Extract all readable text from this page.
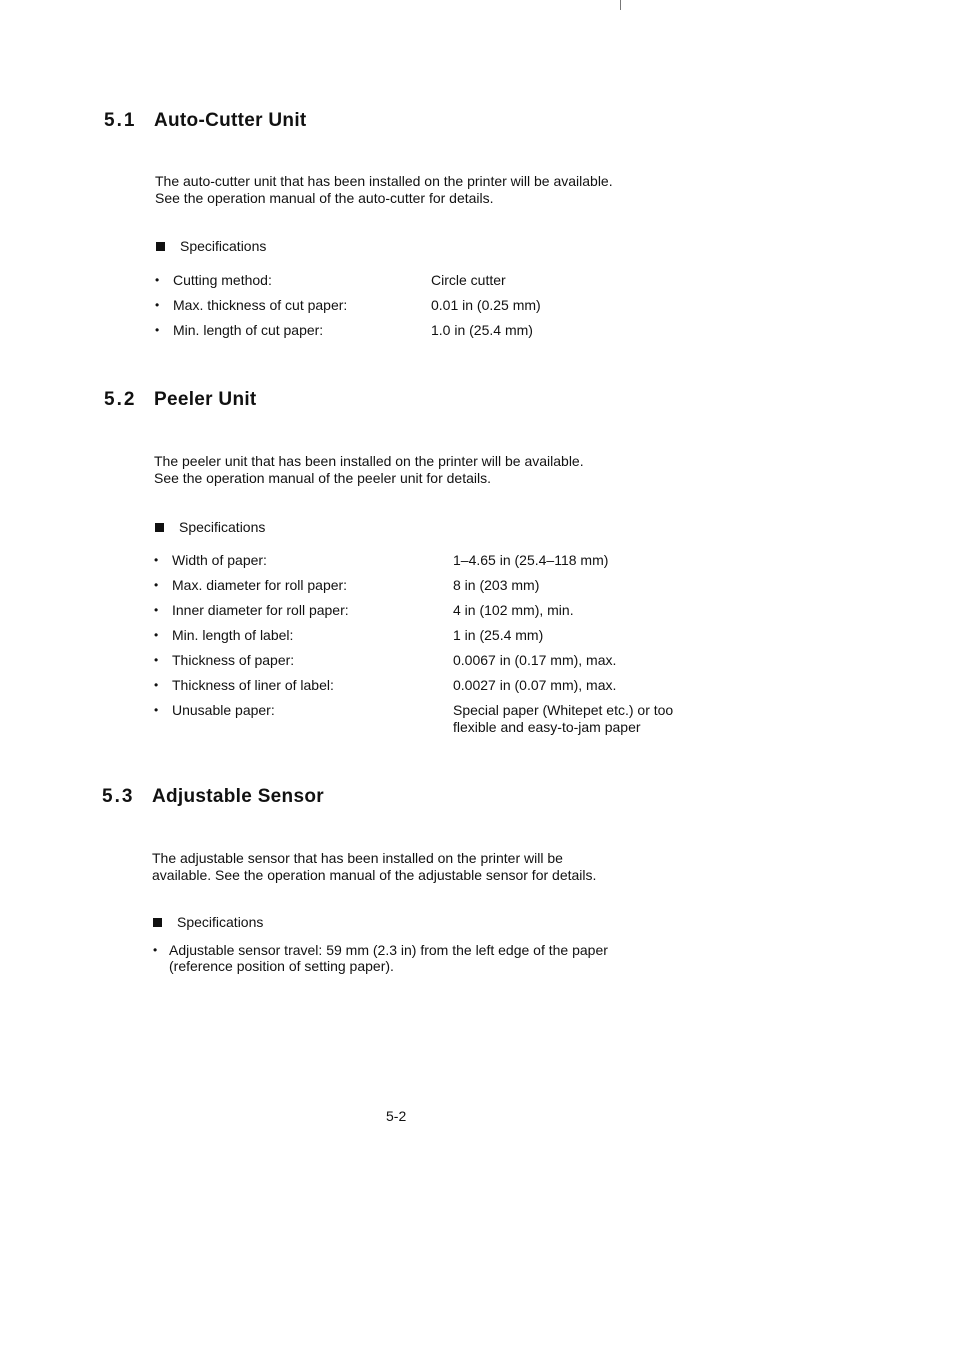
5.1 Auto-Cutter Unit
The auto-cutter unit that has been installed on the printer will be available.
See the operation manual of the auto-cutter for details.
Specifications
• Cutting method:	Circle cutter
• Max. thickness of cut paper:	0.01 in (0.25 mm)
• Min. length of cut paper:	1.0 in (25.4 mm)
5.2 Peeler Unit
The peeler unit that has been installed on the printer will be available.
See the operation manual of the peeler unit for details.
Specifications
• Width of paper:	1–4.65 in (25.4–118 mm)
• Max. diameter for roll paper:	8 in (203 mm)
• Inner diameter for roll paper:	4 in (102 mm), min.
• Min. length of label:	1 in (25.4 mm)
• Thickness of paper:	0.0067 in (0.17 mm), max.
• Thickness of liner of label:	0.0027 in (0.07 mm), max.
• Unusable paper:	Special paper (Whitepet etc.) or too
flexible and easy-to-jam paper
5.3 Adjustable Sensor
The adjustable sensor that has been installed on the printer will be
available. See the operation manual of the adjustable sensor for details.
Specifications
• Adjustable sensor travel: 59 mm (2.3 in) from the left edge of the paper
(reference position of setting paper).
5-2
